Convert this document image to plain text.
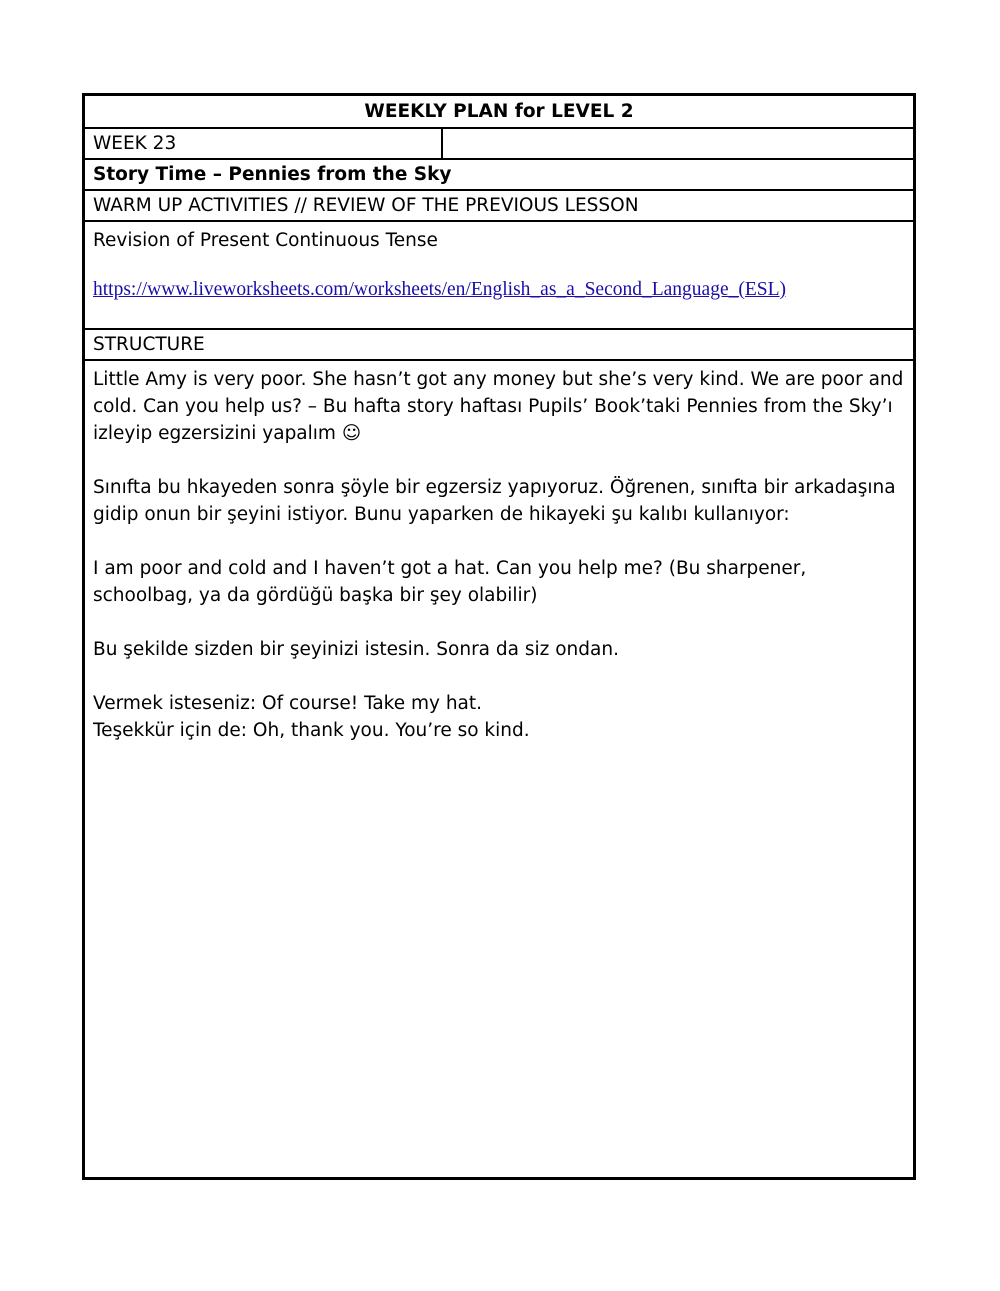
WEEKLY PLAN for LEVEL 2
WEEK 23
Story Time – Pennies from the Sky
WARM UP ACTIVITIES // REVIEW OF THE PREVIOUS LESSON
Revision of Present Continuous Tense
https://www.liveworksheets.com/worksheets/en/English_as_a_Second_Language_(ESL)
STRUCTURE

Little Amy is very poor. She hasn’t got any money but she’s very kind. We are poor and cold. Can you help us? – Bu hafta story haftası Pupils’ Book’taki Pennies from the Sky’ı izleyip egzersizini yapalım ☺

Sınıfta bu hkayeden sonra şöyle bir egzersiz yapıyoruz. Öğrenen, sınıfta bir arkadaşına gidip onun bir şeyini istiyor. Bunu yaparken de hikayeki şu kalıbı kullanıyor:

I am poor and cold and I haven’t got a hat. Can you help me? (Bu sharpener, schoolbag, ya da gördüğü başka bir şey olabilir)

Bu şekilde sizden bir şeyinizi istesin. Sonra da siz ondan.

Vermek isteseniz: Of course! Take my hat.

Teşekkür için de: Oh, thank you. You’re so kind.
